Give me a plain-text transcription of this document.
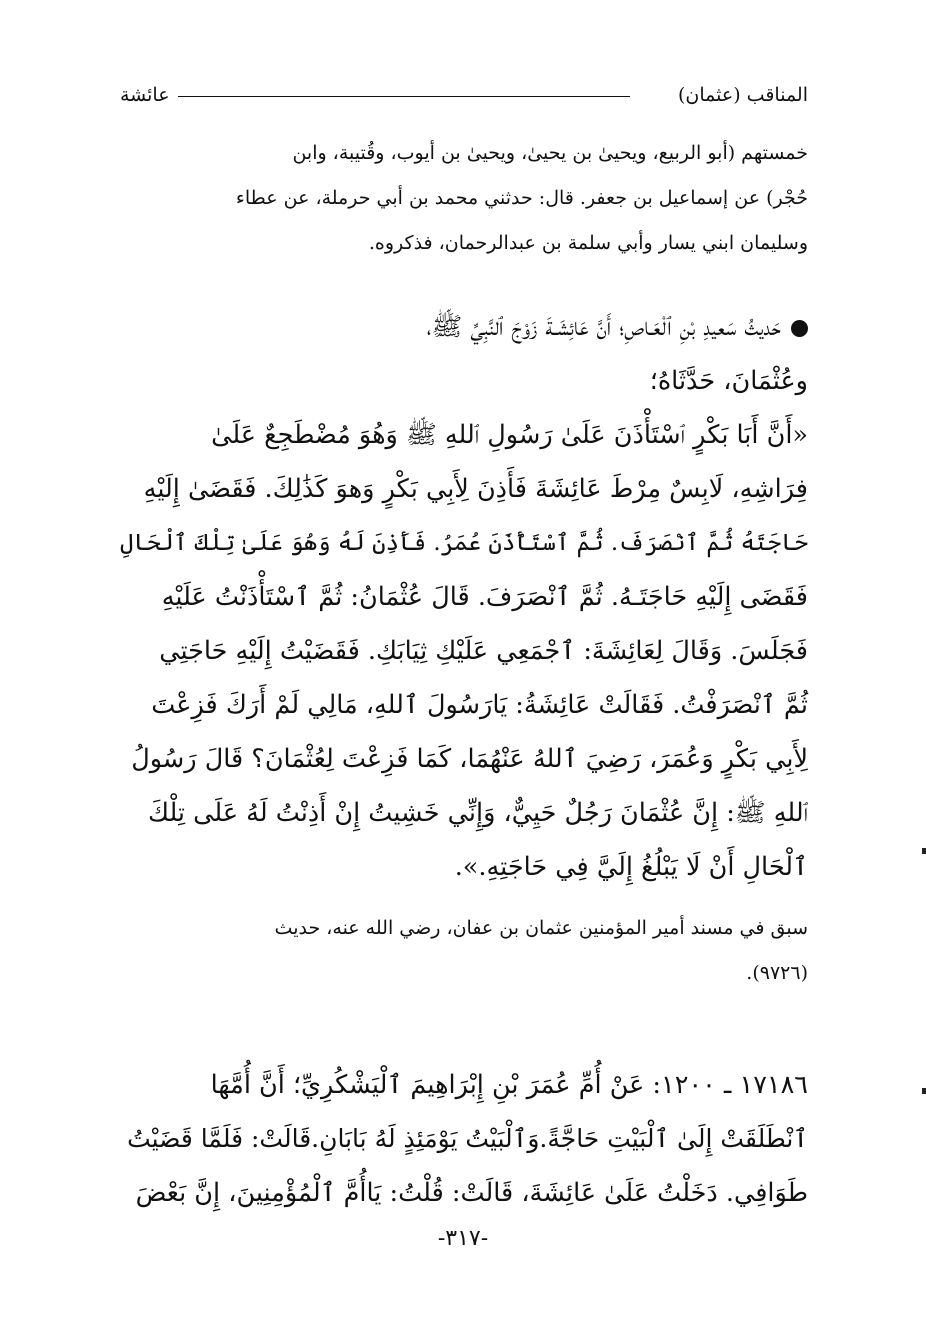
المناقب (عثمان)
عائشة
خمستهم (أبو الربيع، ويحيىٰ بن يحيىٰ، ويحيىٰ بن أيوب، وقُتيبة، وابن
حُجْر) عن إسماعيل بن جعفر. قال: حدثني محمد بن أبي حرملة، عن عطاء
وسليمان ابني يسار وأبي سلمة بن عبدالرحمان، فذكروه.
حَديثُ سَعيدِ بْنِ ٱلْعَـاصِ؛ أَنَّ عَائِشَـةَ زَوْجَ ٱلنَّبِيِّ ﷺ،
وعُثْمَانَ، حَدَّثَاهُ؛
«أَنَّ أَبَا بَكْرٍ ٱسْتَأْذَنَ عَلَىٰ رَسُولِ ٱللهِ ﷺ وَهُوَ مُضْطَجِعٌ عَلَىٰ
فِرَاشِهِ، لَابِسٌ مِرْطَ عَائِشَةَ فَأَذِنَ لِأَبِي بَكْرٍ وَهوَ كَذَٰلِكَ. فَقَضَىٰ إِلَيْهِ
حَاجَتَهُ ثُمَّ ٱنْصَرَفَ. ثُمَّ ٱسْتَأْذَنَ عُمَرُ. فَأَذِنَ لَهُ وَهُوَ عَلَىٰ تِلْكَ ٱلْحَالِ
فَقَضَى إِلَيْهِ حَاجَتَـهُ. ثُمَّ ٱنْصَرَفَ. قَالَ عُثْمَانُ: ثُمَّ ٱسْتَأْذَنْتُ عَلَيْهِ
فَجَلَسَ. وَقَالَ لِعَائِشَةَ: ٱجْمَعِي عَلَيْكِ ثِيَابَكِ. فَقَضَيْتُ إِلَيْهِ حَاجَتِي
ثُمَّ ٱنْصَرَفْتُ. فَقَالَتْ عَائِشَةُ: يَارَسُولَ ٱللهِ، مَالِي لَمْ أَرَكَ فَزِعْتَ
لِأَبِي بَكْرٍ وَعُمَرَ، رَضِيَ ٱللهُ عَنْهُمَا، كَمَا فَزِعْتَ لِعُثْمَانَ؟ قَالَ رَسُولُ
ٱللهِ ﷺ: إِنَّ عُثْمَانَ رَجُلٌ حَيِيٌّ، وَإِنِّي خَشِيتُ إِنْ أَذِنْتُ لَهُ عَلَى تِلْكَ
ٱلْحَالِ أَنْ لَا يَبْلُغُ إِلَيَّ فِي حَاجَتِهِ.».
سبق في مسند أمير المؤمنين عثمان بن عفان، رضي الله عنه، حديث
(٩٧٢٦).
١٧١٨٦ ـ ١٢٠٠: عَنْ أُمِّ عُمَرَ بْنِ إِبْرَاهِيمَ ٱلْيَشْكُرِيِّ؛ أَنَّ أُمَّهَا
ٱنْطَلَقَتْ إِلَىٰ ٱلْبَيْتِ حَاجَّةً.وَٱلْبَيْتُ يَوْمَئِذٍ لَهُ بَابَانِ.قَالَتْ: فَلَمَّا قَضَيْتُ
طَوَافِي. دَخَلْتُ عَلَىٰ عَائِشَةَ، قَالَتْ: قُلْتُ: يَاأُمَّ ٱلْمُؤْمِنِينَ، إِنَّ بَعْضَ
-٣١٧-
